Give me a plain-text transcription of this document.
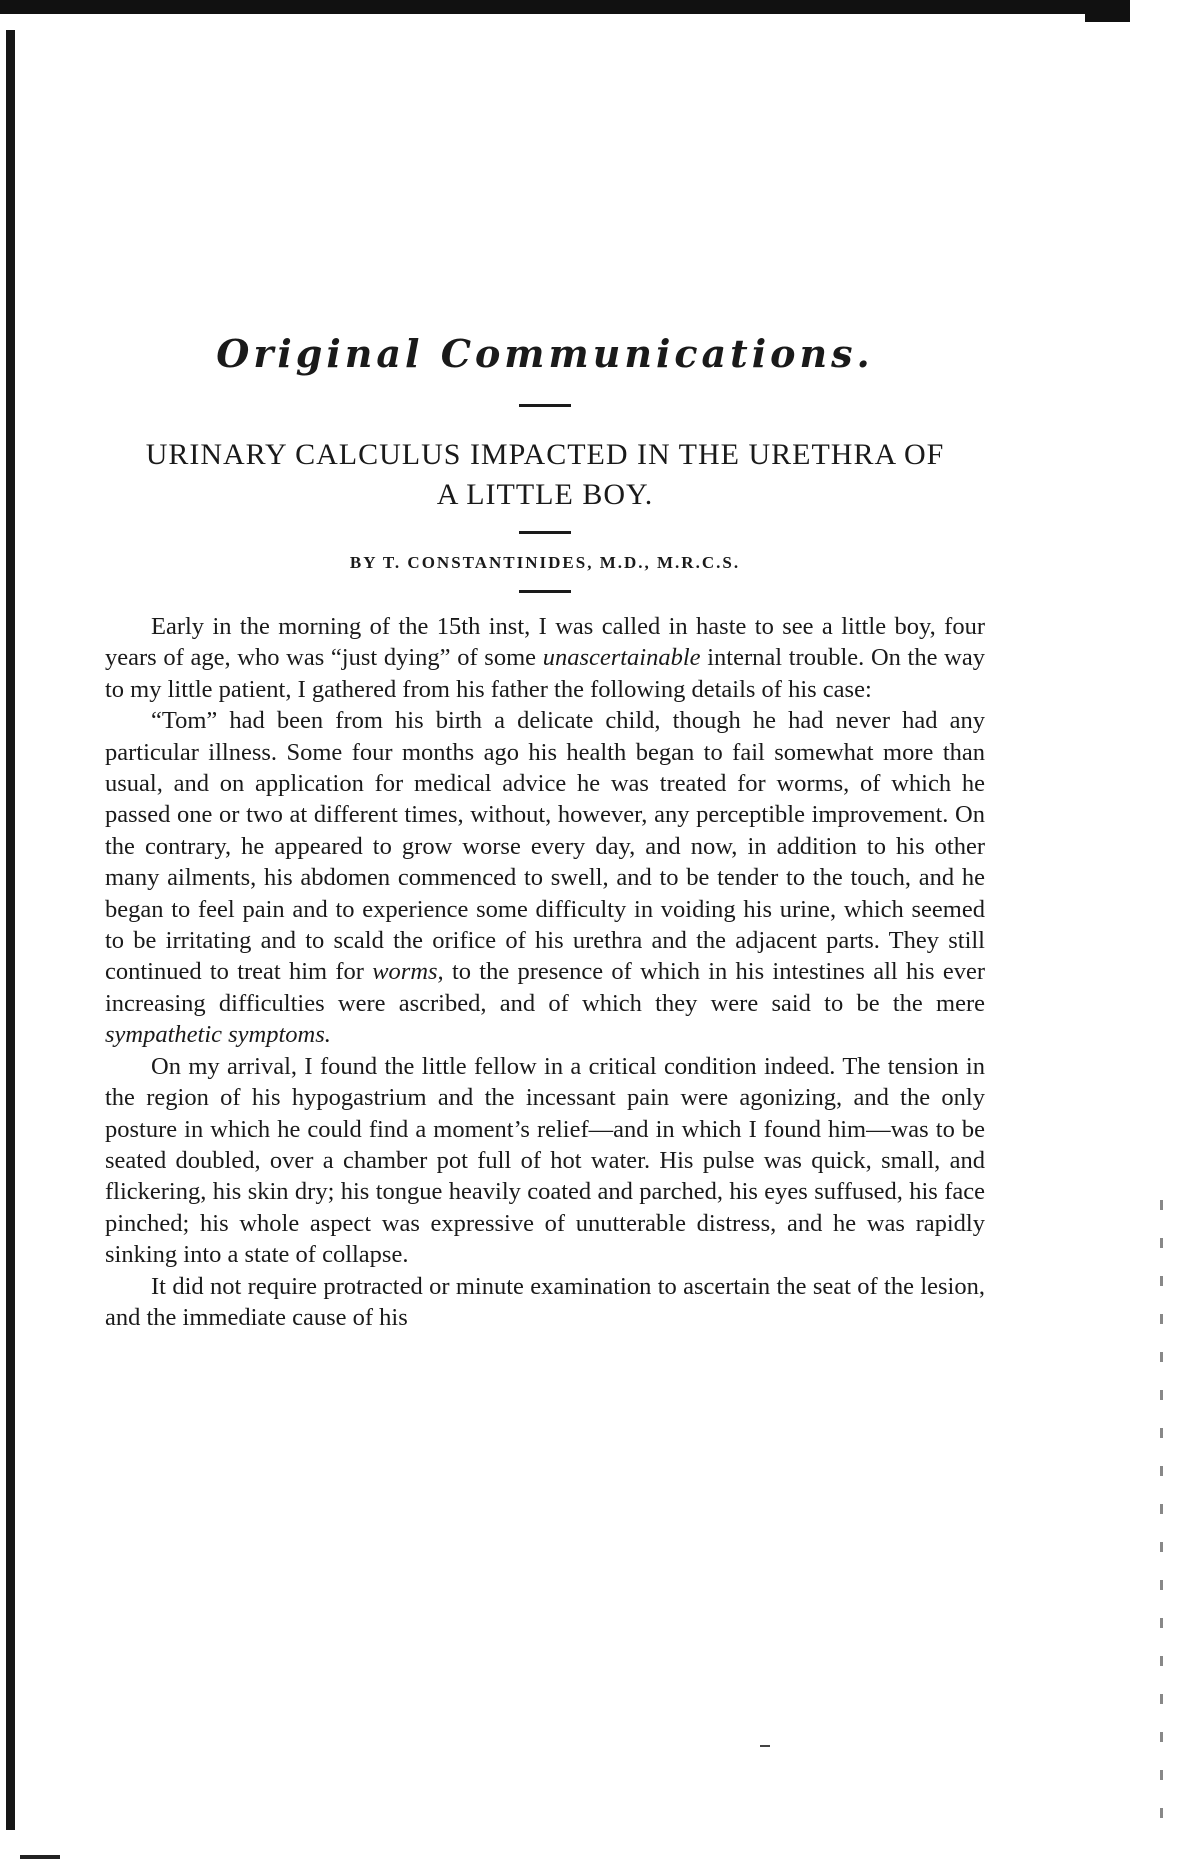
Original Communications.
URINARY CALCULUS IMPACTED IN THE URETHRA OF
A LITTLE BOY.

BY T. CONSTANTINIDES, M.D., M.R.C.S.

Early in the morning of the 15th inst, I was called in haste to see a little boy, four years of age, who was “just dying” of some unascertainable internal trouble. On the way to my little patient, I gathered from his father the following details of his case:

“Tom” had been from his birth a delicate child, though he had never had any particular illness. Some four months ago his health began to fail somewhat more than usual, and on application for medical advice he was treated for worms, of which he passed one or two at different times, without, however, any perceptible improvement. On the contrary, he appeared to grow worse every day, and now, in addition to his other many ailments, his abdomen commenced to swell, and to be tender to the touch, and he began to feel pain and to experience some difficulty in voiding his urine, which seemed to be irritating and to scald the orifice of his urethra and the adjacent parts. They still continued to treat him for worms, to the presence of which in his intestines all his ever increasing difficulties were ascribed, and of which they were said to be the mere sympathetic symptoms.

On my arrival, I found the little fellow in a critical condition indeed. The tension in the region of his hypogastrium and the incessant pain were agonizing, and the only posture in which he could find a moment’s relief—and in which I found him—was to be seated doubled, over a chamber pot full of hot water. His pulse was quick, small, and flickering, his skin dry; his tongue heavily coated and parched, his eyes suffused, his face pinched; his whole aspect was expressive of unutterable distress, and he was rapidly sinking into a state of collapse.

It did not require protracted or minute examination to ascertain the seat of the lesion, and the immediate cause of his
